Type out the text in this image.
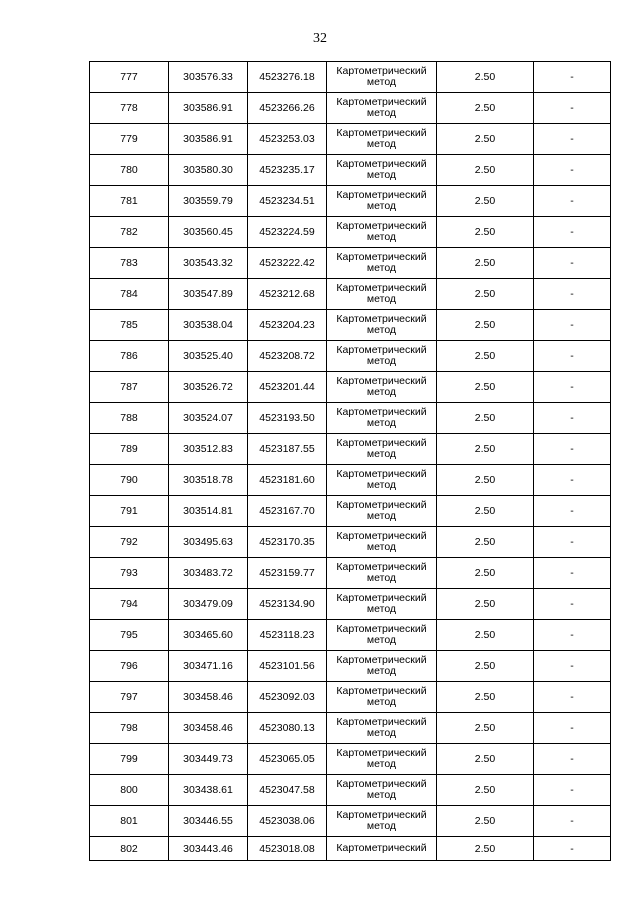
32
777	303576.33	4523276.18	Картометрический метод	2.50	-
778	303586.91	4523266.26	Картометрический метод	2.50	-
779	303586.91	4523253.03	Картометрический метод	2.50	-
780	303580.30	4523235.17	Картометрический метод	2.50	-
781	303559.79	4523234.51	Картометрический метод	2.50	-
782	303560.45	4523224.59	Картометрический метод	2.50	-
783	303543.32	4523222.42	Картометрический метод	2.50	-
784	303547.89	4523212.68	Картометрический метод	2.50	-
785	303538.04	4523204.23	Картометрический метод	2.50	-
786	303525.40	4523208.72	Картометрический метод	2.50	-
787	303526.72	4523201.44	Картометрический метод	2.50	-
788	303524.07	4523193.50	Картометрический метод	2.50	-
789	303512.83	4523187.55	Картометрический метод	2.50	-
790	303518.78	4523181.60	Картометрический метод	2.50	-
791	303514.81	4523167.70	Картометрический метод	2.50	-
792	303495.63	4523170.35	Картометрический метод	2.50	-
793	303483.72	4523159.77	Картометрический метод	2.50	-
794	303479.09	4523134.90	Картометрический метод	2.50	-
795	303465.60	4523118.23	Картометрический метод	2.50	-
796	303471.16	4523101.56	Картометрический метод	2.50	-
797	303458.46	4523092.03	Картометрический метод	2.50	-
798	303458.46	4523080.13	Картометрический метод	2.50	-
799	303449.73	4523065.05	Картометрический метод	2.50	-
800	303438.61	4523047.58	Картометрический метод	2.50	-
801	303446.55	4523038.06	Картометрический метод	2.50	-
802	303443.46	4523018.08	Картометрический	2.50	-
